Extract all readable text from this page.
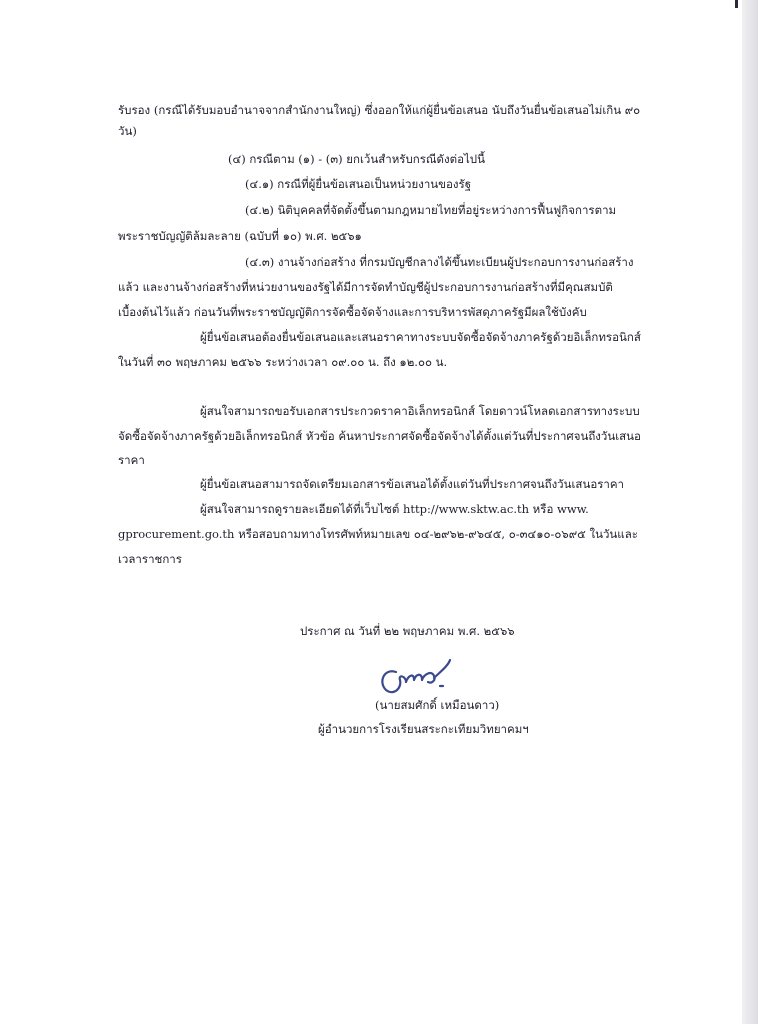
รับรอง (กรณีได้รับมอบอำนาจจากสำนักงานใหญ่) ซึ่งออกให้แก่ผู้ยื่นข้อเสนอ นับถึงวันยื่นข้อเสนอไม่เกิน ๙๐
วัน)
(๔) กรณีตาม (๑) - (๓) ยกเว้นสำหรับกรณีดังต่อไปนี้
(๔.๑) กรณีที่ผู้ยื่นข้อเสนอเป็นหน่วยงานของรัฐ
(๔.๒) นิติบุคคลที่จัดตั้งขึ้นตามกฎหมายไทยที่อยู่ระหว่างการฟื้นฟูกิจการตาม
พระราชบัญญัติล้มละลาย (ฉบับที่ ๑๐) พ.ศ. ๒๕๖๑
(๔.๓) งานจ้างก่อสร้าง ที่กรมบัญชีกลางได้ขึ้นทะเบียนผู้ประกอบการงานก่อสร้าง
แล้ว และงานจ้างก่อสร้างที่หน่วยงานของรัฐได้มีการจัดทำบัญชีผู้ประกอบการงานก่อสร้างที่มีคุณสมบัติ
เบื้องต้นไว้แล้ว ก่อนวันที่พระราชบัญญัติการจัดซื้อจัดจ้างและการบริหารพัสดุภาครัฐมีผลใช้บังคับ
ผู้ยื่นข้อเสนอต้องยื่นข้อเสนอและเสนอราคาทางระบบจัดซื้อจัดจ้างภาครัฐด้วยอิเล็กทรอนิกส์
ในวันที่ ๓๐ พฤษภาคม ๒๕๖๖ ระหว่างเวลา ๐๙.๐๐ น. ถึง ๑๒.๐๐ น.
ผู้สนใจสามารถขอรับเอกสารประกวดราคาอิเล็กทรอนิกส์ โดยดาวน์โหลดเอกสารทางระบบ
จัดซื้อจัดจ้างภาครัฐด้วยอิเล็กทรอนิกส์ หัวข้อ ค้นหาประกาศจัดซื้อจัดจ้างได้ตั้งแต่วันที่ประกาศจนถึงวันเสนอ
ราคา
ผู้ยื่นข้อเสนอสามารถจัดเตรียมเอกสารข้อเสนอได้ตั้งแต่วันที่ประกาศจนถึงวันเสนอราคา
ผู้สนใจสามารถดูรายละเอียดได้ที่เว็บไซต์ http://www.sktw.ac.th หรือ www.
gprocurement.go.th หรือสอบถามทางโทรศัพท์หมายเลข ๐๔-๒๙๖๒-๙๖๔๕, ๐-๓๔๑๐-๐๖๙๕ ในวันและ
เวลาราชการ
ประกาศ ณ วันที่ ๒๒ พฤษภาคม พ.ศ. ๒๕๖๖
(นายสมศักดิ์ เหมือนดาว)
ผู้อำนวยการโรงเรียนสระกะเทียมวิทยาคมฯ
